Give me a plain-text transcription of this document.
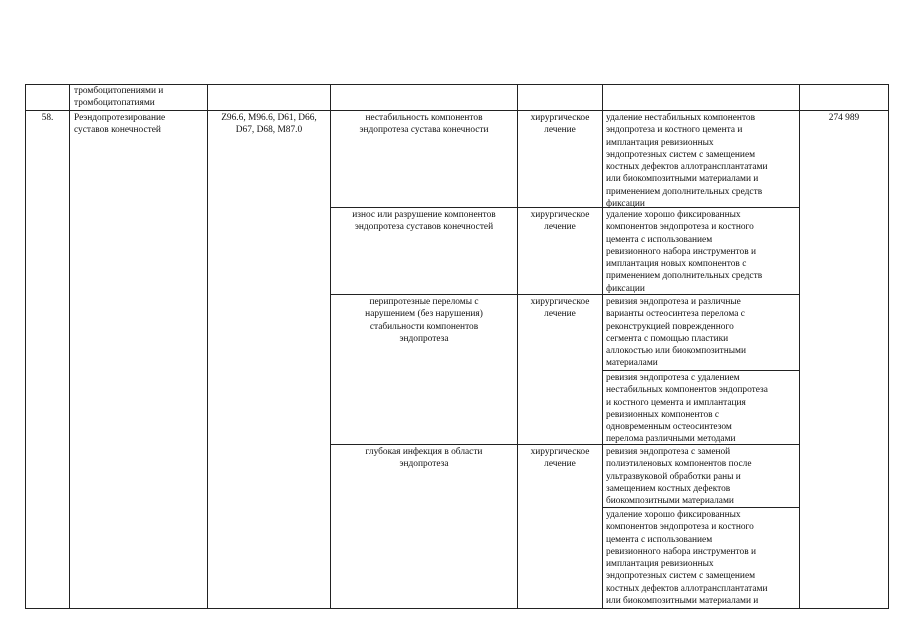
тромбоцитопениями и
тромбоцитопатиями
58.	Реэндопротезирование
суставов конечностей
Z96.6, M96.6, D61, D66,
D67, D68, M87.0
274 989
нестабильность компонентов
эндопротеза сустава конечности
хирургическое
лечение
удаление нестабильных компонентов
эндопротеза и костного цемента и
имплантация ревизионных
эндопротезных систем с замещением
костных дефектов аллотрансплантатами
или биокомпозитными материалами и
применением дополнительных средств
фиксации
износ или разрушение компонентов
эндопротеза суставов конечностей
хирургическое
лечение
удаление хорошо фиксированных
компонентов эндопротеза и костного
цемента с использованием
ревизионного набора инструментов и
имплантация новых компонентов с
применением дополнительных средств
фиксации
перипротезные переломы с
нарушением (без нарушения)
стабильности компонентов
эндопротеза
хирургическое
лечение
ревизия эндопротеза и различные
варианты остеосинтеза перелома с
реконструкцией поврежденного
сегмента с помощью пластики
аллокостью или биокомпозитными
материалами
ревизия эндопротеза с удалением
нестабильных компонентов эндопротеза
и костного цемента и имплантация
ревизионных компонентов с
одновременным остеосинтезом
перелома различными методами
глубокая инфекция в области
эндопротеза
хирургическое
лечение
ревизия эндопротеза с заменой
полиэтиленовых компонентов после
ультразвуковой обработки раны и
замещением костных дефектов
биокомпозитными материалами
удаление хорошо фиксированных
компонентов эндопротеза и костного
цемента с использованием
ревизионного набора инструментов и
имплантация ревизионных
эндопротезных систем с замещением
костных дефектов аллотрансплантатами
или биокомпозитными материалами и
